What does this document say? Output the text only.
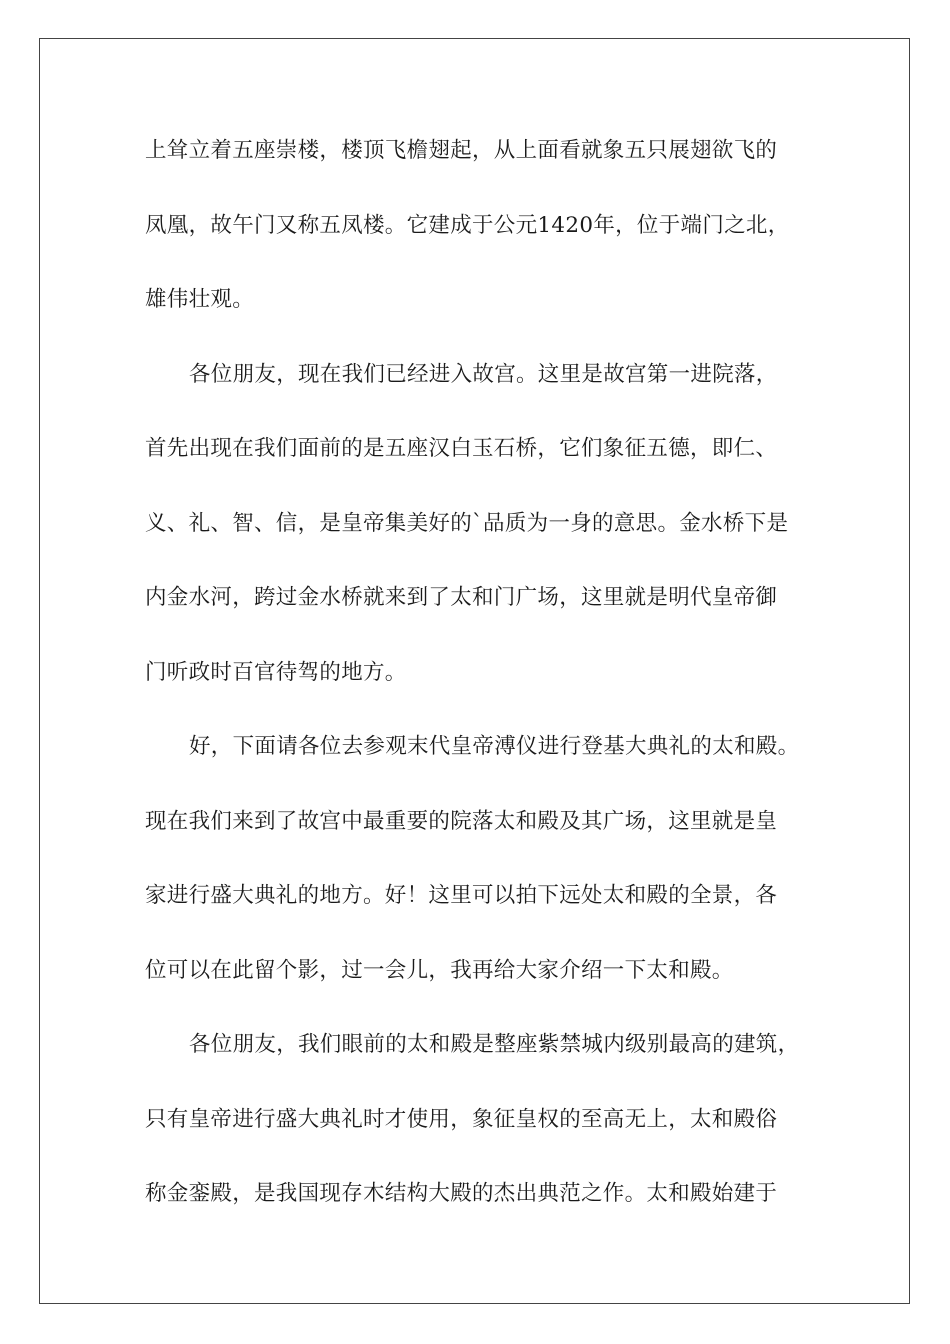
上耸立着五座崇楼，楼顶飞檐翅起，从上面看就象五只展翅欲飞的
凤凰，故午门又称五凤楼。它建成于公元1420年，位于端门之北，
雄伟壮观。
各位朋友，现在我们已经进入故宫。这里是故宫第一进院落，
首先出现在我们面前的是五座汉白玉石桥，它们象征五德，即仁、
义、礼、智、信，是皇帝集美好的`品质为一身的意思。金水桥下是
内金水河，跨过金水桥就来到了太和门广场，这里就是明代皇帝御
门听政时百官待驾的地方。
好，下面请各位去参观末代皇帝溥仪进行登基大典礼的太和殿。
现在我们来到了故宫中最重要的院落太和殿及其广场，这里就是皇
家进行盛大典礼的地方。好！这里可以拍下远处太和殿的全景，各
位可以在此留个影，过一会儿，我再给大家介绍一下太和殿。
各位朋友，我们眼前的太和殿是整座紫禁城内级别最高的建筑，
只有皇帝进行盛大典礼时才使用，象征皇权的至高无上，太和殿俗
称金銮殿，是我国现存木结构大殿的杰出典范之作。太和殿始建于
